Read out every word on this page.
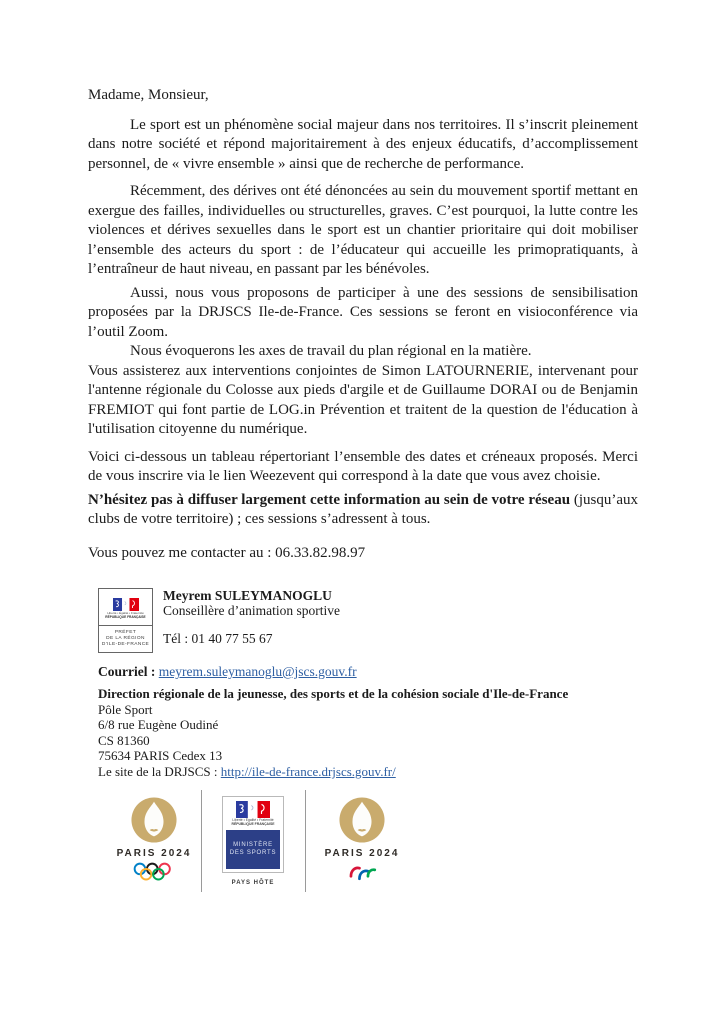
Madame, Monsieur,

Le sport est un phénomène social majeur dans nos territoires. Il s’inscrit pleinement dans notre société et répond majoritairement à des enjeux éducatifs, d’accomplissement personnel, de « vivre ensemble » ainsi que de recherche de performance.

Récemment, des dérives ont été dénoncées au sein du mouvement sportif mettant en exergue des failles, individuelles ou structurelles, graves. C’est pourquoi, la lutte contre les violences et dérives sexuelles dans le sport est un chantier prioritaire qui doit mobiliser l’ensemble des acteurs du sport : de l’éducateur qui accueille les primopratiquants, à l’entraîneur de haut niveau, en passant par les bénévoles.

Aussi, nous vous proposons de participer à une des sessions de sensibilisation proposées par la DRJSCS Ile-de-France. Ces sessions se feront en visioconférence via l’outil Zoom.

Nous évoquerons les axes de travail du plan régional en la matière.

Vous assisterez aux interventions conjointes de Simon LATOURNERIE, intervenant pour l'antenne régionale du Colosse aux pieds d'argile et de Guillaume DORAI ou de Benjamin FREMIOT qui font partie de LOG.in Prévention et traitent de la question de l'éducation à l'utilisation citoyenne du numérique.

Voici ci-dessous un tableau répertoriant l’ensemble des dates et créneaux proposés. Merci de vous inscrire via le lien Weezevent qui correspond à la date que vous avez choisie.

N’hésitez pas à diffuser largement cette information au sein de votre réseau (jusqu’aux clubs de votre territoire) ; ces sessions s’adressent à tous.

Vous pouvez me contacter au : 06.33.82.98.97

Liberté • Égalité • Fraternité
RÉPUBLIQUE FRANÇAISE
PRÉFET
DE LA RÉGION
D’ILE-DE-FRANCE
Meyrem SULEYMANOGLU
Conseillère d’animation sportive
Tél : 01 40 77 55 67
Courriel : meyrem.suleymanoglu@jscs.gouv.fr
Direction régionale de la jeunesse, des sports et de la cohésion sociale d'Ile-de-France
Pôle Sport
6/8 rue Eugène Oudiné
CS 81360
75634 PARIS Cedex 13
Le site de la DRJSCS : http://ile-de-france.drjscs.gouv.fr/
PARIS 2024
Liberté • Égalité • Fraternité
RÉPUBLIQUE FRANÇAISE
MINISTÈRE
DES SPORTS
PAYS HÔTE
PARIS 2024
